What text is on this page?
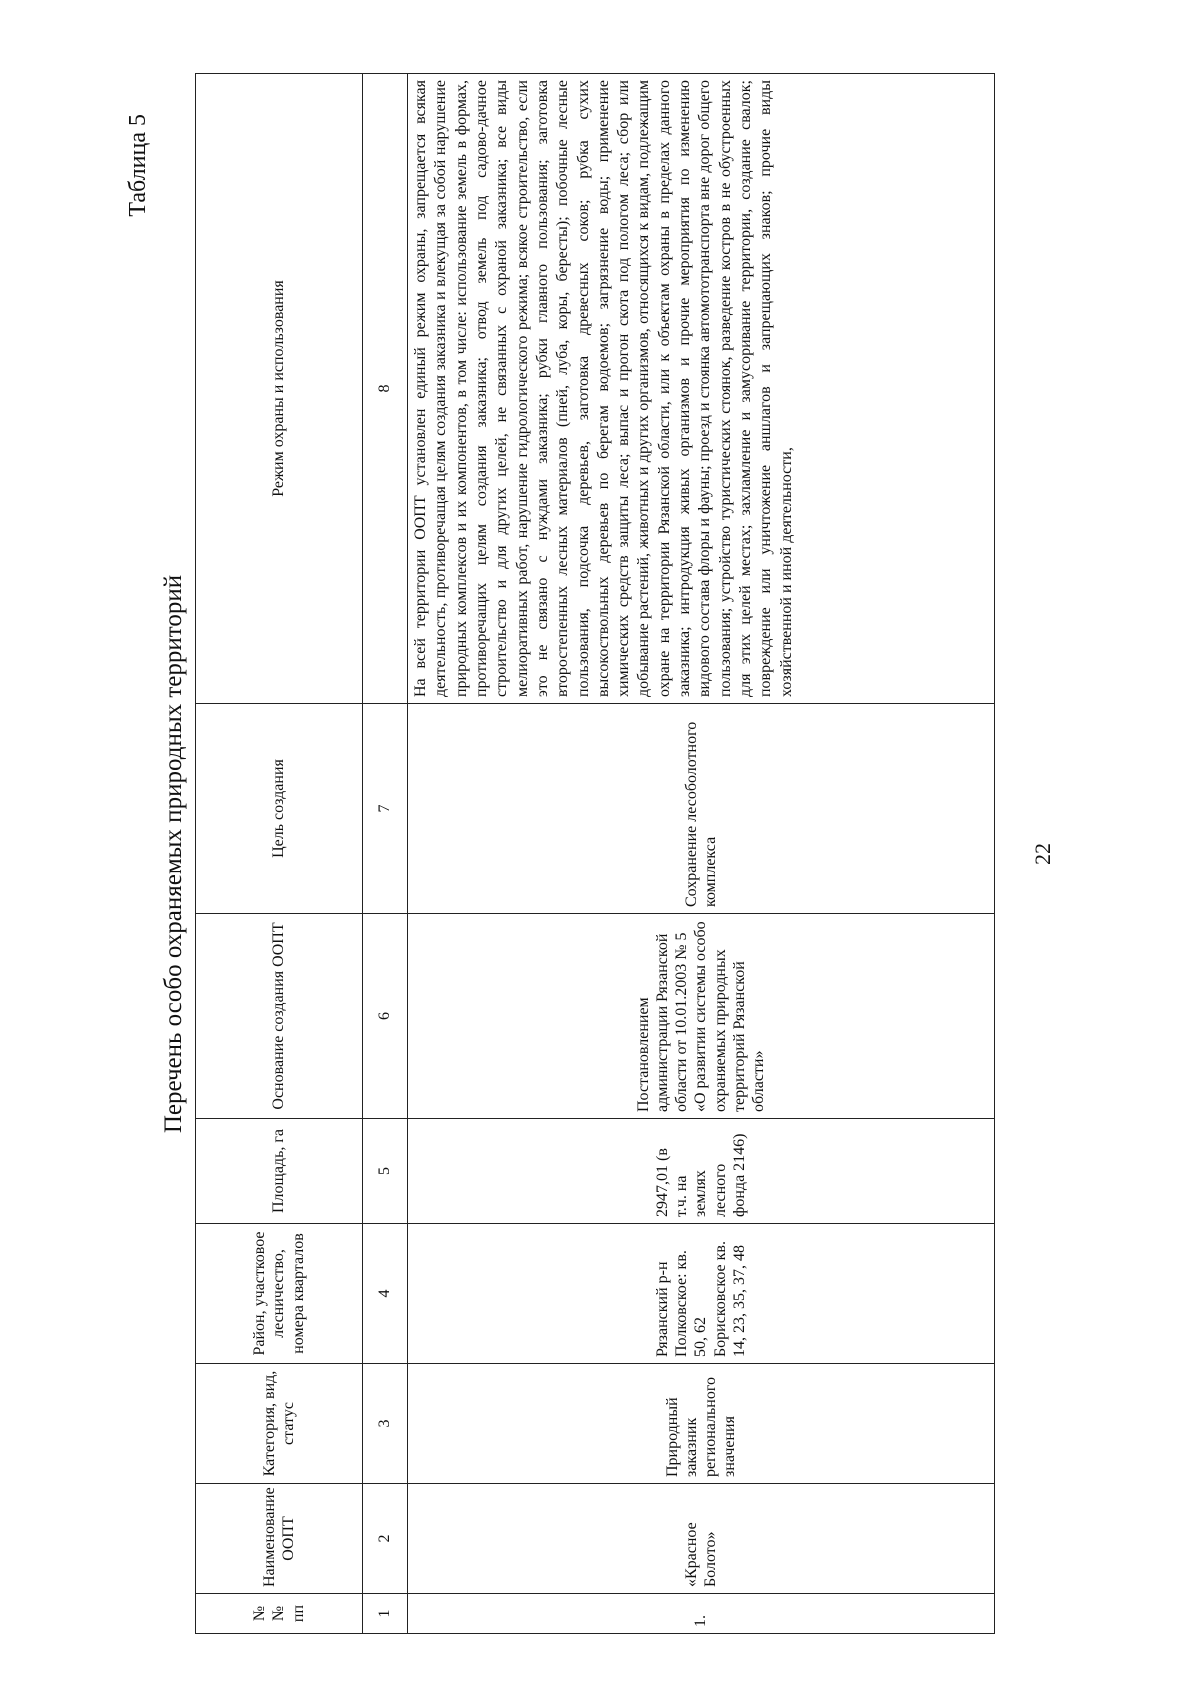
Таблица 5
Перечень особо охраняемых природных территорий
№№ пп	Наименование ООПТ	Категория, вид, статус	Район, участковое лесничество, номера кварталов	Площадь, га	Основание создания ООПТ	Цель создания	Режим охраны и использования
1	2	3	4	5	6	7	8
1.	«Красное Болото»	Природный заказник регионального значения	Рязанский р-н Полковское: кв. 50, 62 Борисковское кв. 14, 23, 35, 37, 48	2947,01 (в т.ч. на землях лесного фонда 2146)	Постановлением администрации Рязанской области от 10.01.2003 № 5 «О развитии системы особо охраняемых природных территорий Рязанской области»	Сохранение лесоболотного комплекса	На всей территории ООПТ установлен единый режим охраны, запрещается всякая деятельность, противоречащая целям создания заказника и влекущая за собой нарушение природных комплексов и их компонентов, в том числе: использование земель в формах, противоречащих целям создания заказника; отвод земель под садово-дачное строительство и для других целей, не связанных с охраной заказника; все виды мелиоративных работ, нарушение гидрологического режима; всякое строительство, если это не связано с нуждами заказника; рубки главного пользования; заготовка второстепенных лесных материалов (пней, луба, коры, бересты); побочные лесные пользования, подсочка деревьев, заготовка древесных соков; рубка сухих высокоствольных деревьев по берегам водоемов; загрязнение воды; применение химических средств защиты леса; выпас и прогон скота под пологом леса; сбор или добывание растений, животных и других организмов, относящихся к видам, подлежащим охране на территории Рязанской области, или к объектам охраны в пределах данного заказника; интродукция живых организмов и прочие мероприятия по изменению видового состава флоры и фауны; проезд и стоянка автомототранспорта вне дорог общего пользования; устройство туристических стоянок, разведение костров в не обустроенных для этих целей местах; захламление и замусоривание территории, создание свалок; повреждение или уничтожение аншлагов и запрещающих знаков; прочие виды хозяйственной и иной деятельности,
22
